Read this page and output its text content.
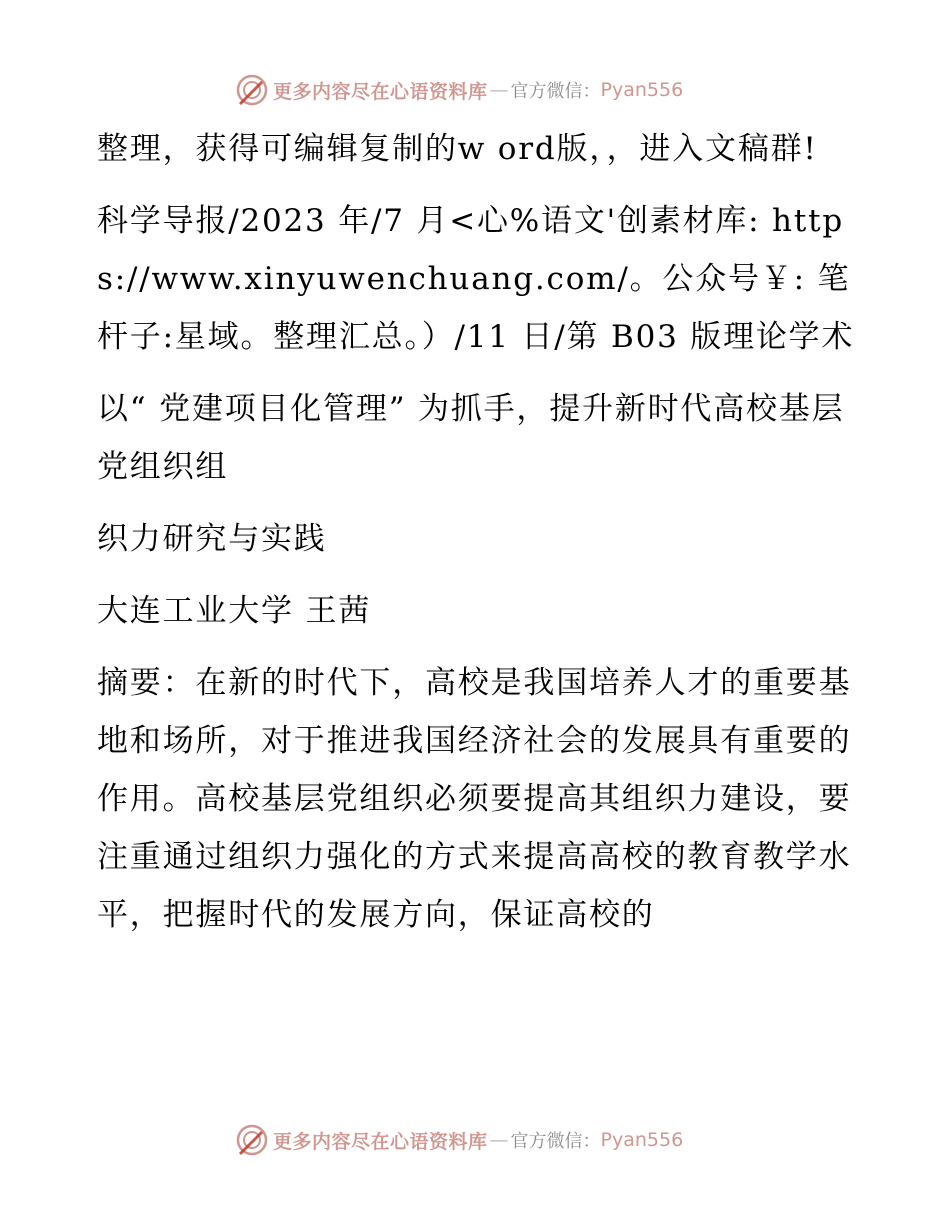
更多内容尽在心语资料库 — 官方微信： Pyan556

整理，获得可编辑复制的w ord版，，进入文稿群!

科学导报/2023 年/7 月<心%语文'创素材库: https://www.xinyuwenchuang.com/。公众号￥: 笔杆子:星域。整理汇总。）/11 日/第 B03 版理论学术

以“ 党建项目化管理” 为抓手，提升新时代高校基层党组织组

织力研究与实践

大连工业大学 王茜

摘要：在新的时代下，高校是我国培养人才的重要基地和场所，对于推进我国经济社会的发展具有重要的作用。高校基层党组织必须要提高其组织力建设，要注重通过组织力强化的方式来提高高校的教育教学水平，把握时代的发展方向，保证高校的

更多内容尽在心语资料库 — 官方微信： Pyan556
